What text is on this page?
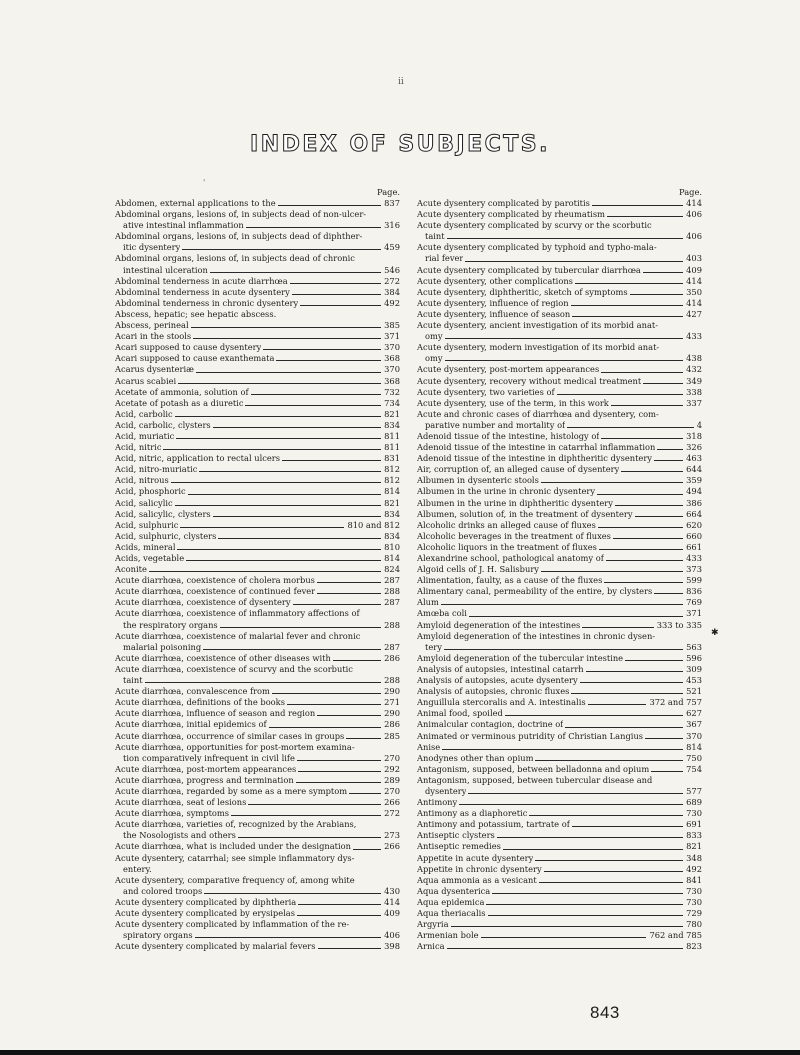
ii
INDEX OF SUBJECTS.
'
Page.
Abdomen, external applications to the	837
Abdominal organs, lesions of, in subjects dead of non-ulcer-
ative intestinal inflammation	316
Abdominal organs, lesions of, in subjects dead of diphther-
itic dysentery	459
Abdominal organs, lesions of, in subjects dead of chronic
intestinal ulceration	546
Abdominal tenderness in acute diarrhœa	272
Abdominal tenderness in acute dysentery	384
Abdominal tenderness in chronic dysentery	492
Abscess, hepatic; see hepatic abscess.
Abscess, perineal	385
Acari in the stools	371
Acari supposed to cause dysentery	370
Acari supposed to cause exanthemata	368
Acarus dysenteriæ	370
Acarus scabiei	368
Acetate of ammonia, solution of	732
Acetate of potash as a diuretic	734
Acid, carbolic	821
Acid, carbolic, clysters	834
Acid, muriatic	811
Acid, nitric	811
Acid, nitric, application to rectal ulcers	831
Acid, nitro-muriatic	812
Acid, nitrous	812
Acid, phosphoric	814
Acid, salicylic	821
Acid, salicylic, clysters	834
Acid, sulphuric	810 and 812
Acid, sulphuric, clysters	834
Acids, mineral	810
Acids, vegetable	814
Aconite	824
Acute diarrhœa, coexistence of cholera morbus	287
Acute diarrhœa, coexistence of continued fever	288
Acute diarrhœa, coexistence of dysentery	287
Acute diarrhœa, coexistence of inflammatory affections of
the respiratory organs	288
Acute diarrhœa, coexistence of malarial fever and chronic
malarial poisoning	287
Acute diarrhœa, coexistence of other diseases with	286
Acute diarrhœa, coexistence of scurvy and the scorbutic
taint	288
Acute diarrhœa, convalescence from	290
Acute diarrhœa, definitions of the books	271
Acute diarrhœa, influence of season and region	290
Acute diarrhœa, initial epidemics of	286
Acute diarrhœa, occurrence of similar cases in groups	285
Acute diarrhœa, opportunities for post-mortem examina-
tion comparatively infrequent in civil life	270
Acute diarrhœa, post-mortem appearances	292
Acute diarrhœa, progress and termination	289
Acute diarrhœa, regarded by some as a mere symptom	270
Acute diarrhœa, seat of lesions	266
Acute diarrhœa, symptoms	272
Acute diarrhœa, varieties of, recognized by the Arabians,
the Nosologists and others	273
Acute diarrhœa, what is included under the designation	266
Acute dysentery, catarrhal; see simple inflammatory dys-
entery.
Acute dysentery, comparative frequency of, among white
and colored troops	430
Acute dysentery complicated by diphtheria	414
Acute dysentery complicated by erysipelas	409
Acute dysentery complicated by inflammation of the re-
spiratory organs	406
Acute dysentery complicated by malarial fevers	398
Page.
Acute dysentery complicated by parotitis	414
Acute dysentery complicated by rheumatism	406
Acute dysentery complicated by scurvy or the scorbutic
taint	406
Acute dysentery complicated by typhoid and typho-mala-
rial fever	403
Acute dysentery complicated by tubercular diarrhœa	409
Acute dysentery, other complications	414
Acute dysentery, diphtheritic, sketch of symptoms	350
Acute dysentery, influence of region	414
Acute dysentery, influence of season	427
Acute dysentery, ancient investigation of its morbid anat-
omy	433
Acute dysentery, modern investigation of its morbid anat-
omy	438
Acute dysentery, post-mortem appearances	432
Acute dysentery, recovery without medical treatment	349
Acute dysentery, two varieties of	338
Acute dysentery, use of the term, in this work	337
Acute and chronic cases of diarrhœa and dysentery, com-
parative number and mortality of	4
Adenoid tissue of the intestine, histology of	318
Adenoid tissue of the intestine in catarrhal inflammation	326
Adenoid tissue of the intestine in diphtheritic dysentery	463
Air, corruption of, an alleged cause of dysentery	644
Albumen in dysenteric stools	359
Albumen in the urine in chronic dysentery	494
Albumen in the urine in diphtheritic dysentery	386
Albumen, solution of, in the treatment of dysentery	664
Alcoholic drinks an alleged cause of fluxes	620
Alcoholic beverages in the treatment of fluxes	660
Alcoholic liquors in the treatment of fluxes	661
Alexandrine school, pathological anatomy of	433
Algoid cells of J. H. Salisbury	373
Alimentation, faulty, as a cause of the fluxes	599
Alimentary canal, permeability of the entire, by clysters	836
Alum	769
Amœba coli	371
Amyloid degeneration of the intestines	333 to 335
Amyloid degeneration of the intestines in chronic dysen-
tery	563
Amyloid degeneration of the tubercular intestine	596
Analysis of autopsies, intestinal catarrh	309
Analysis of autopsies, acute dysentery	453
Analysis of autopsies, chronic fluxes	521
Anguillula stercoralis and A. intestinalis	372 and 757
Animal food, spoiled	627
Animalcular contagion, doctrine of	367
Animated or verminous putridity of Christian Langius	370
Anise	814
Anodynes other than opium	750
Antagonism, supposed, between belladonna and opium	754
Antagonism, supposed, between tubercular disease and
dysentery	577
Antimony	689
Antimony as a diaphoretic	730
Antimony and potassium, tartrate of	691
Antiseptic clysters	833
Antiseptic remedies	821
Appetite in acute dysentery	348
Appetite in chronic dysentery	492
Aqua ammonia as a vesicant	841
Aqua dysenterica	730
Aqua epidemica	730
Aqua theriacalis	729
Argyria	780
Armenian bole	762 and 785
Arnica	823
✱
843
